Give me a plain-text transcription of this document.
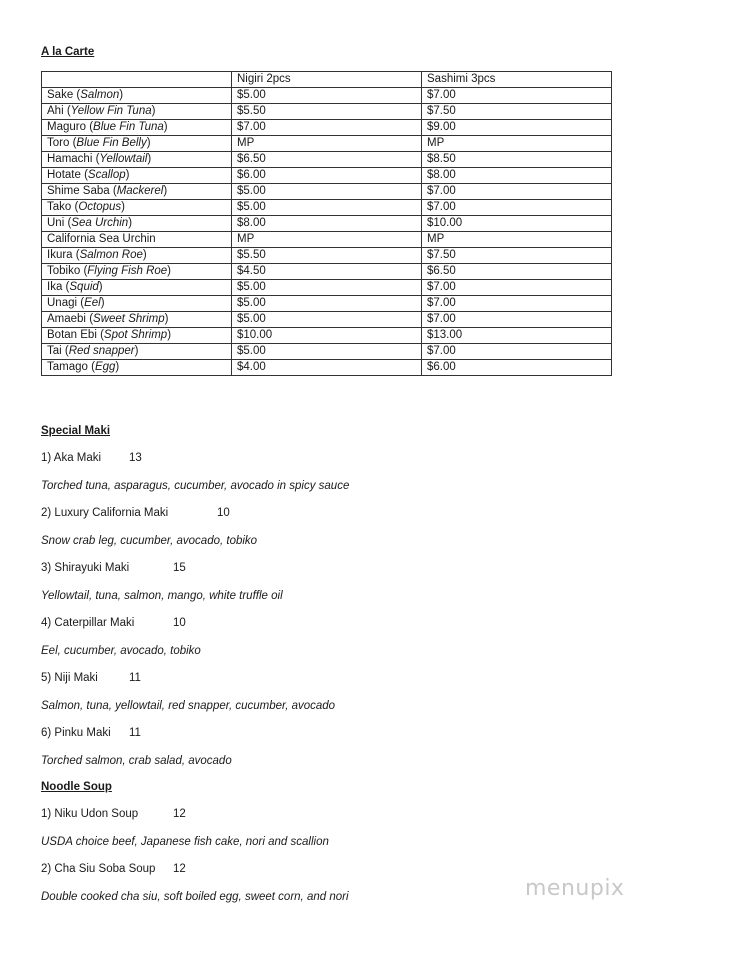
A la Carte
	Nigiri 2pcs	Sashimi 3pcs
Sake (Salmon)	$5.00	$7.00
Ahi (Yellow Fin Tuna)	$5.50	$7.50
Maguro (Blue Fin Tuna)	$7.00	$9.00
Toro (Blue Fin Belly)	MP	MP
Hamachi (Yellowtail)	$6.50	$8.50
Hotate (Scallop)	$6.00	$8.00
Shime Saba (Mackerel)	$5.00	$7.00
Tako (Octopus)	$5.00	$7.00
Uni (Sea Urchin)	$8.00	$10.00
California Sea Urchin	MP	MP
Ikura (Salmon Roe)	$5.50	$7.50
Tobiko (Flying Fish Roe)	$4.50	$6.50
Ika (Squid)	$5.00	$7.00
Unagi (Eel)	$5.00	$7.00
Amaebi (Sweet Shrimp)	$5.00	$7.00
Botan Ebi (Spot Shrimp)	$10.00	$13.00
Tai (Red snapper)	$5.00	$7.00
Tamago (Egg)	$4.00	$6.00
Special Maki
1) Aka Maki 13
Torched tuna, asparagus, cucumber, avocado in spicy sauce
2) Luxury California Maki	10
Snow crab leg, cucumber, avocado, tobiko
3) Shirayuki Maki	15
Yellowtail, tuna, salmon, mango, white truffle oil
4) Caterpillar Maki	10
Eel, cucumber, avocado, tobiko
5) Niji Maki	11
Salmon, tuna, yellowtail, red snapper, cucumber, avocado
6) Pinku Maki 11
Torched salmon, crab salad, avocado
Noodle Soup
1) Niku Udon Soup	12
USDA choice beef, Japanese fish cake, nori and scallion
2) Cha Siu Soba Soup 12
Double cooked cha siu, soft boiled egg, sweet corn, and nori	menupix
